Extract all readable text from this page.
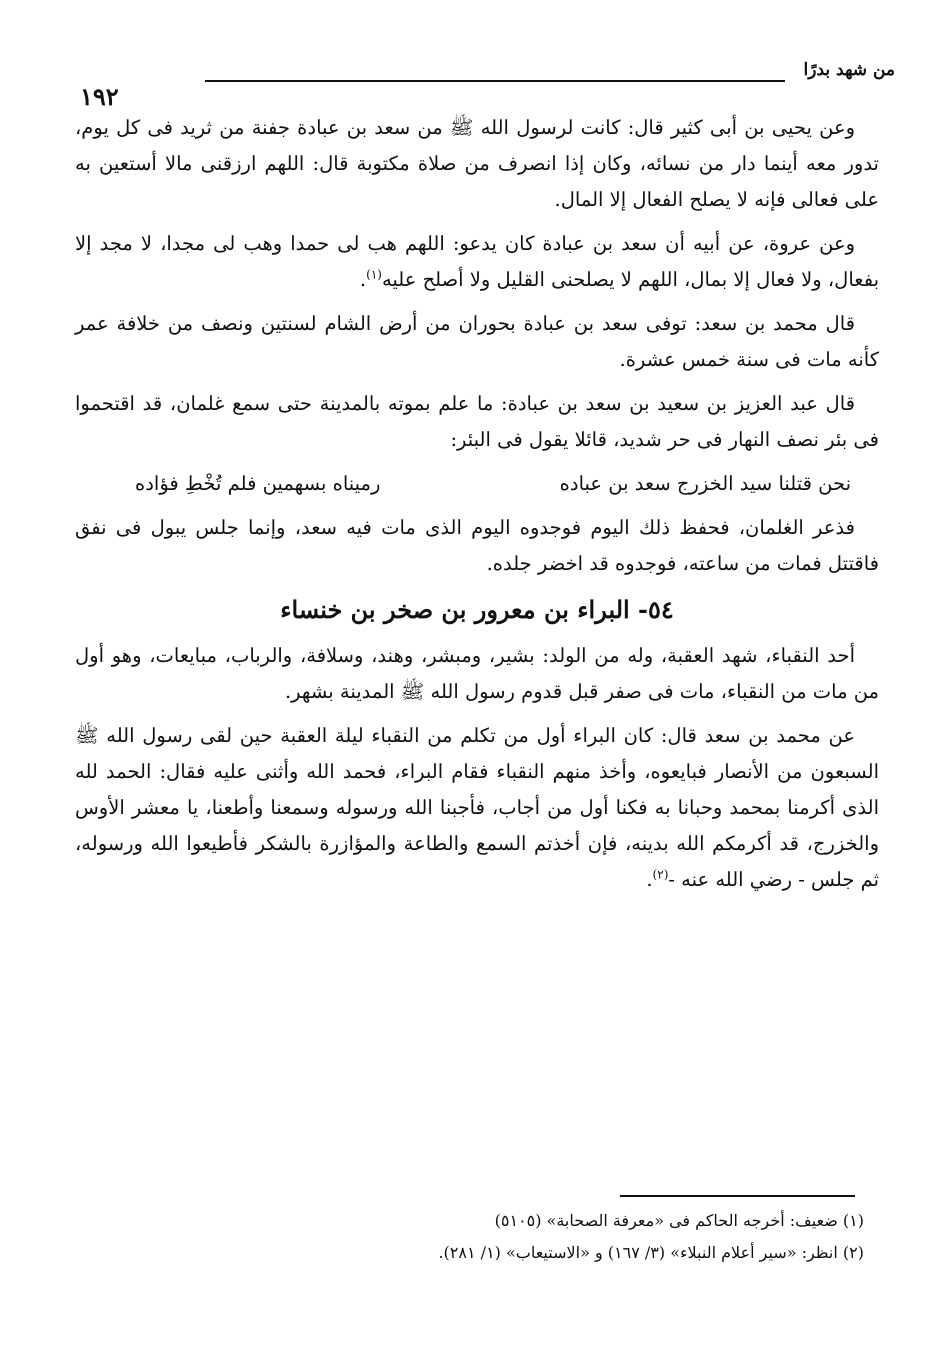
من شهد بدرًا
١٩٢

وعن يحيى بن أبى كثير قال: كانت لرسول الله ﷺ من سعد بن عبادة جفنة من ثريد فى كل يوم، تدور معه أينما دار من نسائه، وكان إذا انصرف من صلاة مكتوبة قال: اللهم ارزقنى مالا أستعين به على فعالى فإنه لا يصلح الفعال إلا المال.

وعن عروة، عن أبيه أن سعد بن عبادة كان يدعو: اللهم هب لى حمدا وهب لى مجدا، لا مجد إلا بفعال، ولا فعال إلا بمال، اللهم لا يصلحنى القليل ولا أصلح عليه$^{(١)}$.

قال محمد بن سعد: توفى سعد بن عبادة بحوران من أرض الشام لسنتين ونصف من خلافة عمر كأنه مات فى سنة خمس عشرة.

قال عبد العزيز بن سعيد بن سعد بن عبادة: ما علم بموته بالمدينة حتى سمع غلمان، قد اقتحموا فى بئر نصف النهار فى حر شديد، قائلا يقول فى البئر:

نحن قتلنا سيد الخزرج سعد بن عباده
رميناه بسهمين فلم تُخْطِ فؤاده

فذعر الغلمان، فحفظ ذلك اليوم فوجدوه اليوم الذى مات فيه سعد، وإنما جلس يبول فى نفق فاقتتل فمات من ساعته، فوجدوه قد اخضر جلده.

٥٤- البراء بن معرور بن صخر بن خنساء

أحد النقباء، شهد العقبة، وله من الولد: بشير، ومبشر، وهند، وسلافة، والرباب، مبايعات، وهو أول من مات من النقباء، مات فى صفر قبل قدوم رسول الله ﷺ المدينة بشهر.

عن محمد بن سعد قال: كان البراء أول من تكلم من النقباء ليلة العقبة حين لقى رسول الله ﷺ السبعون من الأنصار فبايعوه، وأخذ منهم النقباء فقام البراء، فحمد الله وأثنى عليه فقال: الحمد لله الذى أكرمنا بمحمد وحبانا به فكنا أول من أجاب، فأجبنا الله ورسوله وسمعنا وأطعنا، يا معشر الأوس والخزرج، قد أكرمكم الله بدينه، فإن أخذتم السمع والطاعة والمؤازرة بالشكر فأطيعوا الله ورسوله، ثم جلس - رضي الله عنه -$^{(٢)}$.

(١) ضعيف: أخرجه الحاكم فى «معرفة الصحابة» (٥١٠٥)

(٢) انظر: «سير أعلام النبلاء» (٣/ ١٦٧) و «الاستيعاب» (١/ ٢٨١).
